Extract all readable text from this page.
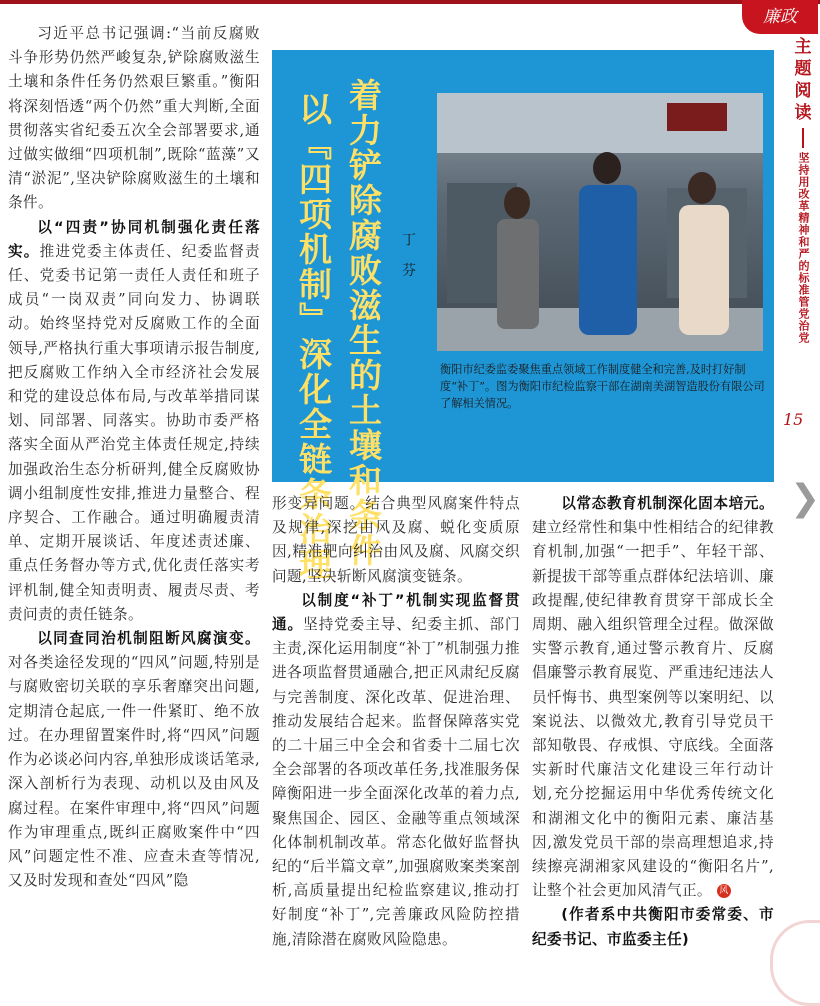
廉政

习近平总书记强调:“当前反腐败斗争形势仍然严峻复杂,铲除腐败滋生土壤和条件任务仍然艰巨繁重。”衡阳将深刻悟透“两个仍然”重大判断,全面贯彻落实省纪委五次全会部署要求,通过做实做细“四项机制”,既除“蓝藻”又清“淤泥”,坚决铲除腐败滋生的土壤和条件。

以“四责”协同机制强化责任落实。推进党委主体责任、纪委监督责任、党委书记第一责任人责任和班子成员“一岗双责”同向发力、协调联动。始终坚持党对反腐败工作的全面领导,严格执行重大事项请示报告制度,把反腐败工作纳入全市经济社会发展和党的建设总体布局,与改革举措同谋划、同部署、同落实。协助市委严格落实全面从严治党主体责任规定,持续加强政治生态分析研判,健全反腐败协调小组制度性安排,推进力量整合、程序契合、工作融合。通过明确履责清单、定期开展谈话、年度述责述廉、重点任务督办等方式,优化责任落实考评机制,健全知责明责、履责尽责、考责问责的责任链条。

以同查同治机制阻断风腐演变。对各类途径发现的“四风”问题,特别是与腐败密切关联的享乐奢靡突出问题,定期清仓起底,一件一件紧盯、绝不放过。在办理留置案件时,将“四风”问题作为必谈必问内容,单独形成谈话笔录,深入剖析行为表现、动机以及由风及腐过程。在案件审理中,将“四风”问题作为审理重点,既纠正腐败案件中“四风”问题定性不准、应查未查等情况,又及时发现和查处“四风”隐

着力铲除腐败滋生的土壤和条件
以『四项机制』深化全链条治理	丁 芬
衡阳市纪委监委聚焦重点领域工作制度健全和完善,及时打好制度“补丁”。图为衡阳市纪检监察干部在湖南美湖智造股份有限公司了解相关情况。
主
题
阅
读
坚持用改革精神和严的标准管党治党
15
❯

形变异问题。结合典型风腐案件特点及规律,深挖由风及腐、蜕化变质原因,精准靶向纠治由风及腐、风腐交织问题,坚决斩断风腐演变链条。

以制度“补丁”机制实现监督贯通。坚持党委主导、纪委主抓、部门主责,深化运用制度“补丁”机制强力推进各项监督贯通融合,把正风肃纪反腐与完善制度、深化改革、促进治理、推动发展结合起来。监督保障落实党的二十届三中全会和省委十二届七次全会部署的各项改革任务,找准服务保障衡阳进一步全面深化改革的着力点,聚焦国企、园区、金融等重点领域深化体制机制改革。常态化做好监督执纪的“后半篇文章”,加强腐败案类案剖析,高质量提出纪检监察建议,推动打好制度“补丁”,完善廉政风险防控措施,清除潜在腐败风险隐患。

以常态教育机制深化固本培元。建立经常性和集中性相结合的纪律教育机制,加强“一把手”、年轻干部、新提拔干部等重点群体纪法培训、廉政提醒,使纪律教育贯穿干部成长全周期、融入组织管理全过程。做深做实警示教育,通过警示教育片、反腐倡廉警示教育展览、严重违纪违法人员忏悔书、典型案例等以案明纪、以案说法、以微效尤,教育引导党员干部知敬畏、存戒惧、守底线。全面落实新时代廉洁文化建设三年行动计划,充分挖掘运用中华优秀传统文化和湖湘文化中的衡阳元素、廉洁基因,激发党员干部的崇高理想追求,持续擦亮湖湘家风建设的“衡阳名片”,让整个社会更加风清气正。 风

(作者系中共衡阳市委常委、市纪委书记、市监委主任)
